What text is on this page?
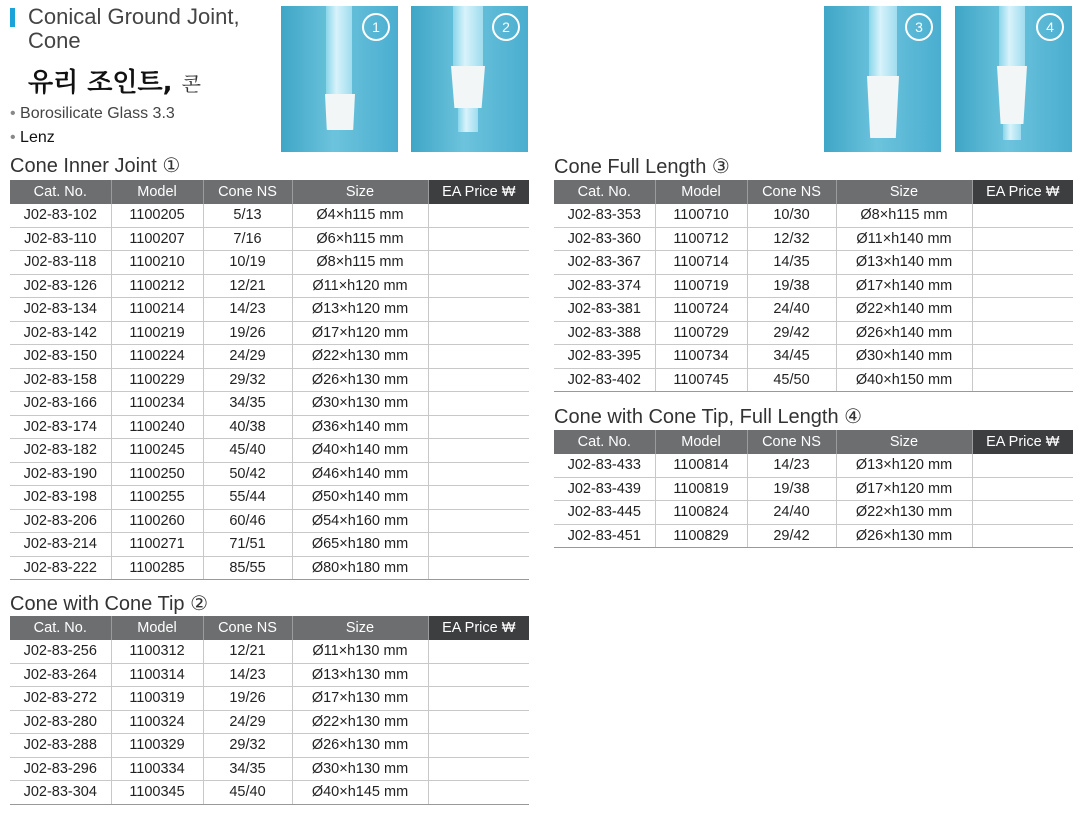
Conical Ground Joint,
Cone
유리 조인트, 콘
• Borosilicate Glass 3.3
• Lenz
1	2	3	4
Cone Inner Joint ①
Cone with Cone Tip ②
Cone Full Length ③
Cone with Cone Tip, Full Length ④
Cat. No.	Model	Cone NS	Size	EA Price ₩
J02-83-102	1100205	5/13	Ø4×h115 mm	
J02-83-110	1100207	7/16	Ø6×h115 mm	
J02-83-118	1100210	10/19	Ø8×h115 mm	
J02-83-126	1100212	12/21	Ø11×h120 mm	
J02-83-134	1100214	14/23	Ø13×h120 mm	
J02-83-142	1100219	19/26	Ø17×h120 mm	
J02-83-150	1100224	24/29	Ø22×h130 mm	
J02-83-158	1100229	29/32	Ø26×h130 mm	
J02-83-166	1100234	34/35	Ø30×h130 mm	
J02-83-174	1100240	40/38	Ø36×h140 mm	
J02-83-182	1100245	45/40	Ø40×h140 mm	
J02-83-190	1100250	50/42	Ø46×h140 mm	
J02-83-198	1100255	55/44	Ø50×h140 mm	
J02-83-206	1100260	60/46	Ø54×h160 mm	
J02-83-214	1100271	71/51	Ø65×h180 mm	
J02-83-222	1100285	85/55	Ø80×h180 mm	
Cat. No.	Model	Cone NS	Size	EA Price ₩
J02-83-256	1100312	12/21	Ø11×h130 mm	
J02-83-264	1100314	14/23	Ø13×h130 mm	
J02-83-272	1100319	19/26	Ø17×h130 mm	
J02-83-280	1100324	24/29	Ø22×h130 mm	
J02-83-288	1100329	29/32	Ø26×h130 mm	
J02-83-296	1100334	34/35	Ø30×h130 mm	
J02-83-304	1100345	45/40	Ø40×h145 mm	
Cat. No.	Model	Cone NS	Size	EA Price ₩
J02-83-353	1100710	10/30	Ø8×h115 mm	
J02-83-360	1100712	12/32	Ø11×h140 mm	
J02-83-367	1100714	14/35	Ø13×h140 mm	
J02-83-374	1100719	19/38	Ø17×h140 mm	
J02-83-381	1100724	24/40	Ø22×h140 mm	
J02-83-388	1100729	29/42	Ø26×h140 mm	
J02-83-395	1100734	34/45	Ø30×h140 mm	
J02-83-402	1100745	45/50	Ø40×h150 mm	
Cat. No.	Model	Cone NS	Size	EA Price ₩
J02-83-433	1100814	14/23	Ø13×h120 mm	
J02-83-439	1100819	19/38	Ø17×h120 mm	
J02-83-445	1100824	24/40	Ø22×h130 mm	
J02-83-451	1100829	29/42	Ø26×h130 mm	
